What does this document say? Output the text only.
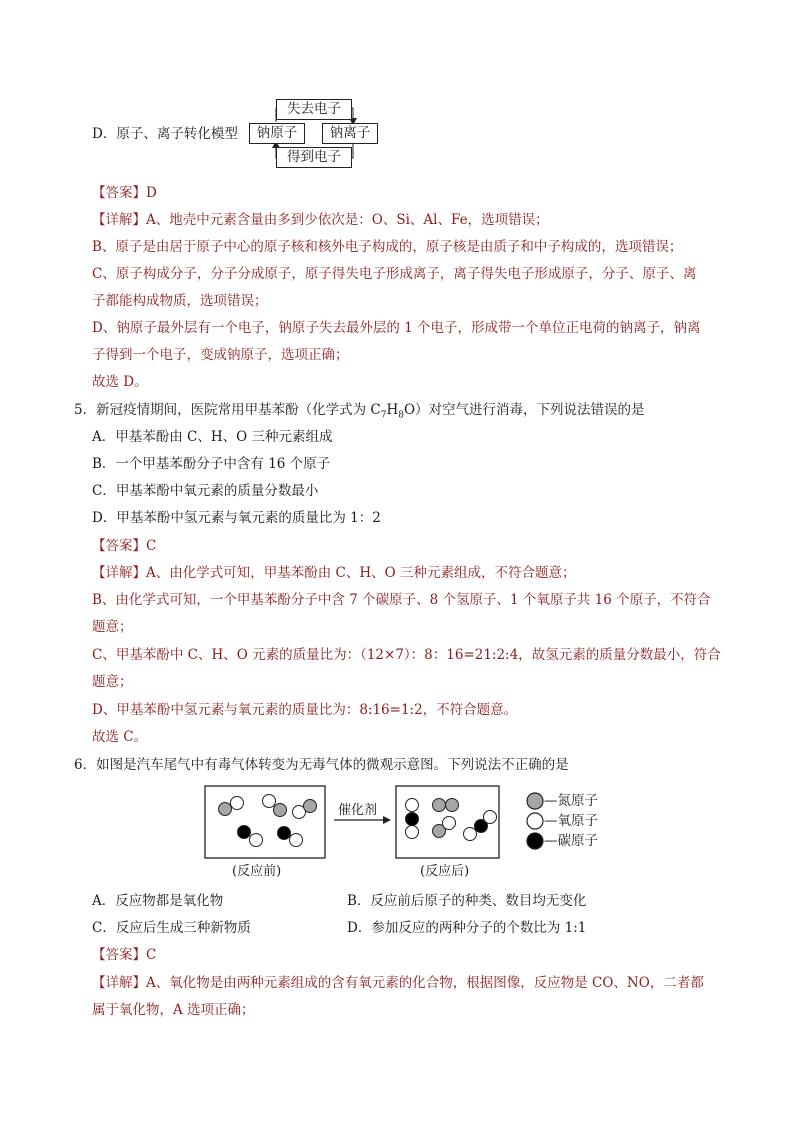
D．原子、离子转化模型
失去电子
得到电子
钠原子	钠离子
【答案】D
【详解】A、地壳中元素含量由多到少依次是：O、Si、Al、Fe，选项错误；
B、原子是由居于原子中心的原子核和核外电子构成的，原子核是由质子和中子构成的，选项错误；
C、原子构成分子，分子分成原子，原子得失电子形成离子，离子得失电子形成原子，分子、原子、离
子都能构成物质，选项错误；
D、钠原子最外层有一个电子，钠原子失去最外层的 1 个电子，形成带一个单位正电荷的钠离子，钠离
子得到一个电子，变成钠原子，选项正确；
故选 D。
5．新冠疫情期间，医院常用甲基苯酚（化学式为 $C_7H_8O$）对空气进行消毒，下列说法错误的是
A．甲基苯酚由 C、H、O 三种元素组成
B．一个甲基苯酚分子中含有 16 个原子
C．甲基苯酚中氧元素的质量分数最小
D．甲基苯酚中氢元素与氧元素的质量比为 1：2
【答案】C
【详解】A、由化学式可知，甲基苯酚由 C、H、O 三种元素组成，不符合题意；
B、由化学式可知，一个甲基苯酚分子中含 7 个碳原子、8 个氢原子、1 个氧原子共 16 个原子，不符合
题意；
C、甲基苯酚中 C、H、O 元素的质量比为：（12×7）：8：16=21:2:4，故氢元素的质量分数最小，符合
题意；
D、甲基苯酚中氢元素与氧元素的质量比为：8:16=1:2，不符合题意。
故选 C。
6．如图是汽车尾气中有毒气体转变为无毒气体的微观示意图。下列说法不正确的是
催化剂
(反应前)	(反应后)
—氮原子
—氧原子
—碳原子
A．反应物都是氧化物	B．反应前后原子的种类、数目均无变化
C．反应后生成三种新物质	D．参加反应的两种分子的个数比为 1:1
【答案】C
【详解】A、氧化物是由两种元素组成的含有氧元素的化合物，根据图像，反应物是 CO、NO，二者都
属于氧化物，A 选项正确；
